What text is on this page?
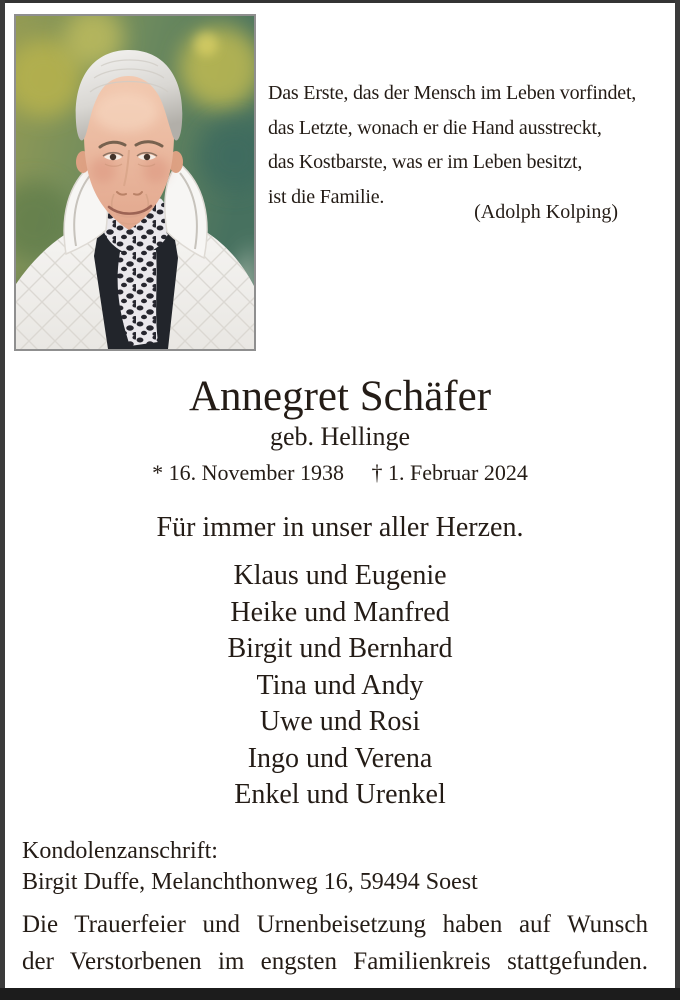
Das Erste, das der Mensch im Leben vorfindet,
das Letzte, wonach er die Hand ausstreckt,
das Kostbarste, was er im Leben besitzt,
ist die Familie.
(Adolph Kolping)
Annegret Schäfer
geb. Hellinge
* 16. November 1938 † 1. Februar 2024
Für immer in unser aller Herzen.
Klaus und Eugenie
Heike und Manfred
Birgit und Bernhard
Tina und Andy
Uwe und Rosi
Ingo und Verena
Enkel und Urenkel
Kondolenzanschrift:
Birgit Duffe, Melanchthonweg 16, 59494 Soest
Die Trauerfeier und Urnenbeisetzung haben auf Wunsch
der Verstorbenen im engsten Familienkreis stattgefunden.
